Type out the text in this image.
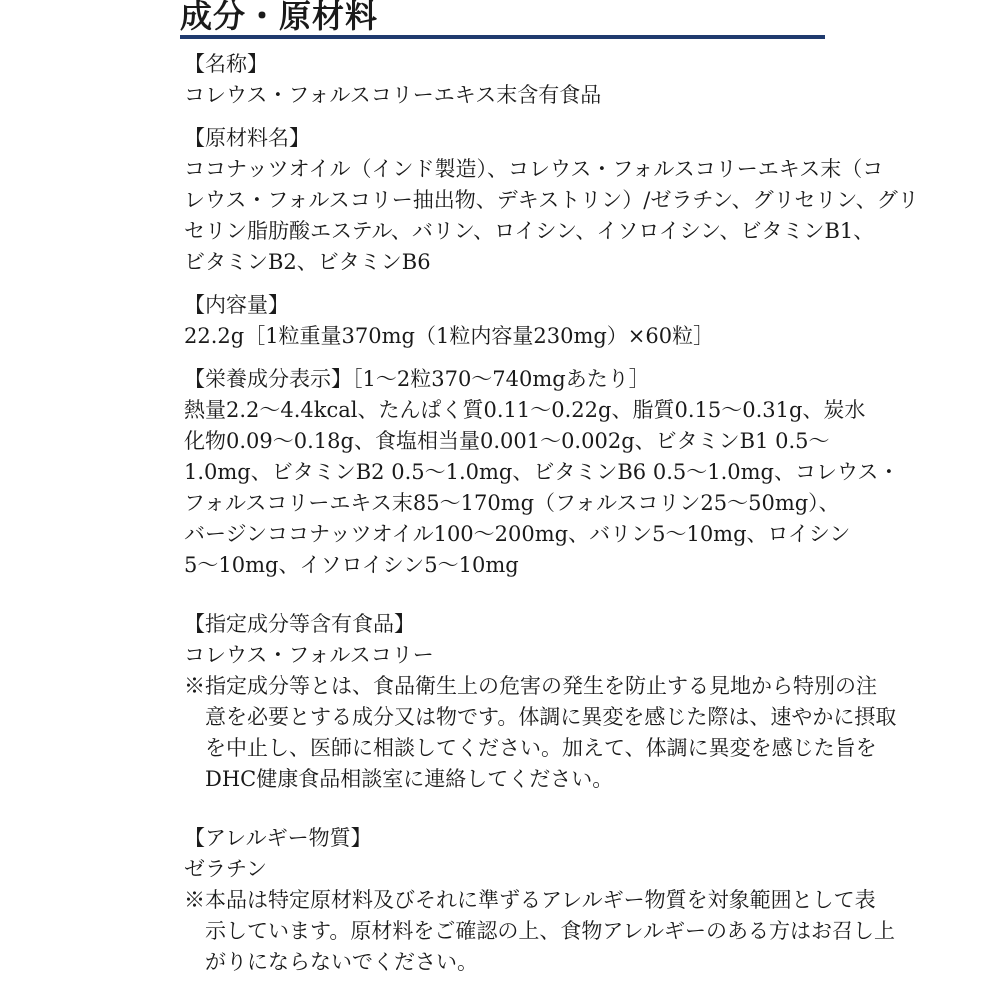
成分・原材料
【名称】
コレウス・フォルスコリーエキス末含有食品
【原材料名】
ココナッツオイル（インド製造）、コレウス・フォルスコリーエキス末（コ
レウス・フォルスコリー抽出物、デキストリン）/ゼラチン、グリセリン、グリ
セリン脂肪酸エステル、バリン、ロイシン、イソロイシン、ビタミンB1、
ビタミンB2、ビタミンB6
【内容量】
22.2g［1粒重量370mg（1粒内容量230mg）×60粒］
【栄養成分表示】［1～2粒370～740mgあたり］
熱量2.2～4.4kcal、たんぱく質0.11～0.22g、脂質0.15～0.31g、炭水
化物0.09～0.18g、食塩相当量0.001～0.002g、ビタミンB1 0.5～
1.0mg、ビタミンB2 0.5～1.0mg、ビタミンB6 0.5～1.0mg、コレウス・
フォルスコリーエキス末85～170mg（フォルスコリン25～50mg）、
バージンココナッツオイル100～200mg、バリン5～10mg、ロイシン
5～10mg、イソロイシン5～10mg
【指定成分等含有食品】
コレウス・フォルスコリー
※指定成分等とは、食品衛生上の危害の発生を防止する見地から特別の注
　意を必要とする成分又は物です。体調に異変を感じた際は、速やかに摂取
　を中止し、医師に相談してください。加えて、体調に異変を感じた旨を
　DHC健康食品相談室に連絡してください。
【アレルギー物質】
ゼラチン
※本品は特定原材料及びそれに準ずるアレルギー物質を対象範囲として表
　示しています。原材料をご確認の上、食物アレルギーのある方はお召し上
　がりにならないでください。
